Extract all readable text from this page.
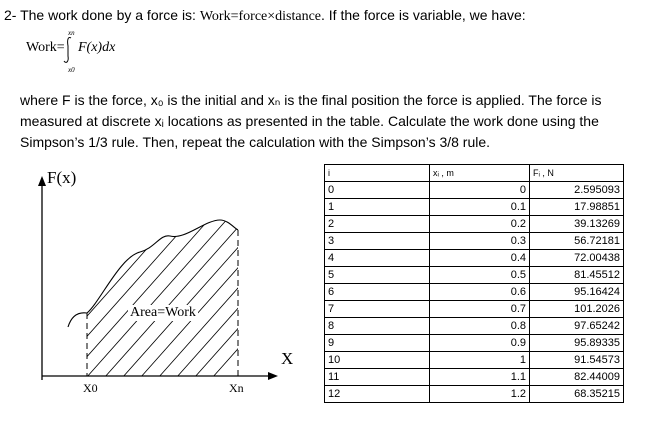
2- The work done by a force is: Work=force×distance. If the force is variable, we have:
Work=
xn
F(x)dx
x0
where F is the force, x₀ is the initial and xₙ is the final position the force is applied. The force is measured at discrete xᵢ locations as presented in the table. Calculate the work done using the Simpson’s 1/3 rule. Then, repeat the calculation with the Simpson’s 3/8 rule.
F(x)
X
X0	Xn
Area=Work
i	xᵢ , m	Fᵢ , N
0	0	2.595093
1	0.1	17.98851
2	0.2	39.13269
3	0.3	56.72181
4	0.4	72.00438
5	0.5	81.45512
6	0.6	95.16424
7	0.7	101.2026
8	0.8	97.65242
9	0.9	95.89335
10	1	91.54573
11	1.1	82.44009
12	1.2	68.35215
